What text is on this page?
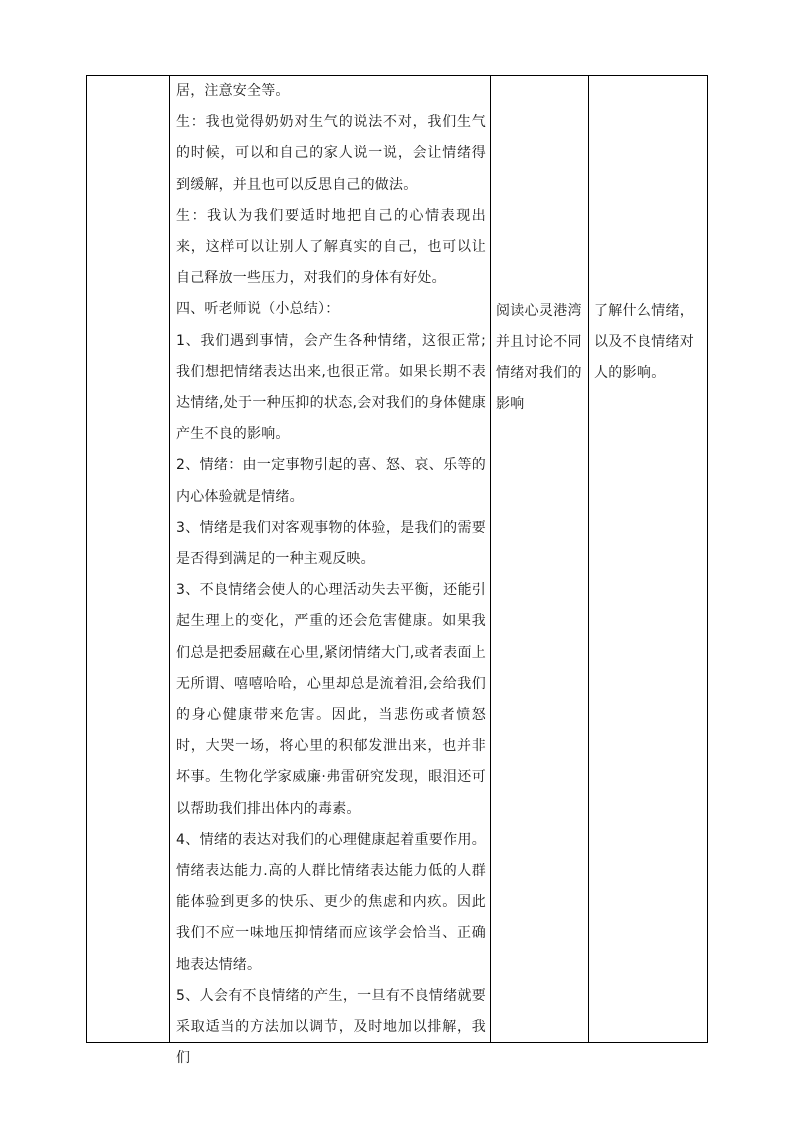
居，注意安全等。
生：我也觉得奶奶对生气的说法不对，我们生气的时候，可以和自己的家人说一说，会让情绪得到缓解，并且也可以反思自己的做法。
生：我认为我们要适时地把自己的心情表现出来，这样可以让别人了解真实的自己，也可以让自己释放一些压力，对我们的身体有好处。
四、听老师说（小总结）：
1、我们遇到事情，会产生各种情绪，这很正常;我们想把情绪表达出来,也很正常。如果长期不表达情绪,处于一种压抑的状态,会对我们的身体健康产生不良的影响。
2、情绪：由一定事物引起的喜、怒、哀、乐等的内心体验就是情绪。
3、情绪是我们对客观事物的体验，是我们的需要是否得到满足的一种主观反映。
3、不良情绪会使人的心理活动失去平衡，还能引起生理上的变化，严重的还会危害健康。如果我们总是把委屈藏在心里,紧闭情绪大门,或者表面上无所谓、嘻嘻哈哈，心里却总是流着泪,会给我们的身心健康带来危害。因此，当悲伤或者愤怒时，大哭一场，将心里的积郁发泄出来，也并非坏事。生物化学家威廉·弗雷研究发现，眼泪还可以帮助我们排出体内的毒素。
4、情绪的表达对我们的心理健康起着重要作用。情绪表达能力.高的人群比情绪表达能力低的人群能体验到更多的快乐、更少的焦虑和内疚。因此我们不应一味地压抑情绪而应该学会恰当、正确地表达情绪。
5、人会有不良情绪的产生，一旦有不良情绪就要采取适当的方法加以调节，及时地加以排解，我们
阅读心灵港湾并且讨论不同情绪对我们的影响
了解什么情绪，以及不良情绪对人的影响。
